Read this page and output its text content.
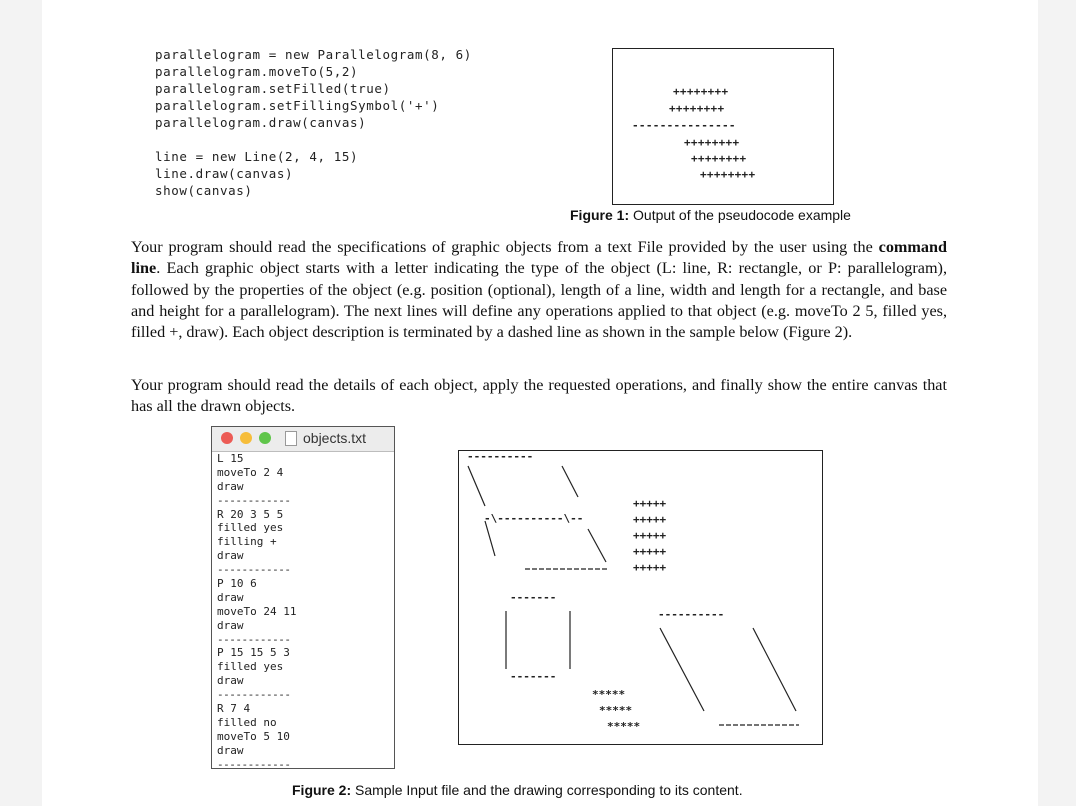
parallelogram = new Parallelogram(8, 6)
parallelogram.moveTo(5,2)
parallelogram.setFilled(true)
parallelogram.setFillingSymbol('+')
parallelogram.draw(canvas)
line = new Line(2, 4, 15)
line.draw(canvas)
show(canvas)
++++++++
++++++++
---------------
++++++++
++++++++
++++++++
Figure 1: Output of the pseudocode example

Your program should read the specifications of graphic objects from a text File provided by the user using the command line. Each graphic object starts with a letter indicating the type of the object (L: line, R: rectangle, or P: parallelogram), followed by the properties of the object (e.g. position (optional), length of a line, width and length for a rectangle, and base and height for a parallelogram). The next lines will define any operations applied to that object (e.g. moveTo 2 5, filled yes, filled +, draw). Each object description is terminated by a dashed line as shown in the sample below (Figure 2).

Your program should read the details of each object, apply the requested operations, and finally show the entire canvas that has all the drawn objects.

objects.txt
L 15
moveTo 2 4
draw
------------
R 20 3 5 5
filled yes
filling +
draw
------------
P 10 6
draw
moveTo 24 11
draw
------------
P 15 15 5 3
filled yes
draw
------------
R 7 4
filled no
moveTo 5 10
draw
------------
----------
-\----------\--
+++++
+++++
+++++
+++++
+++++
-------
-------
----------
*****
*****
*****
Figure 2: Sample Input file and the drawing corresponding to its content.
